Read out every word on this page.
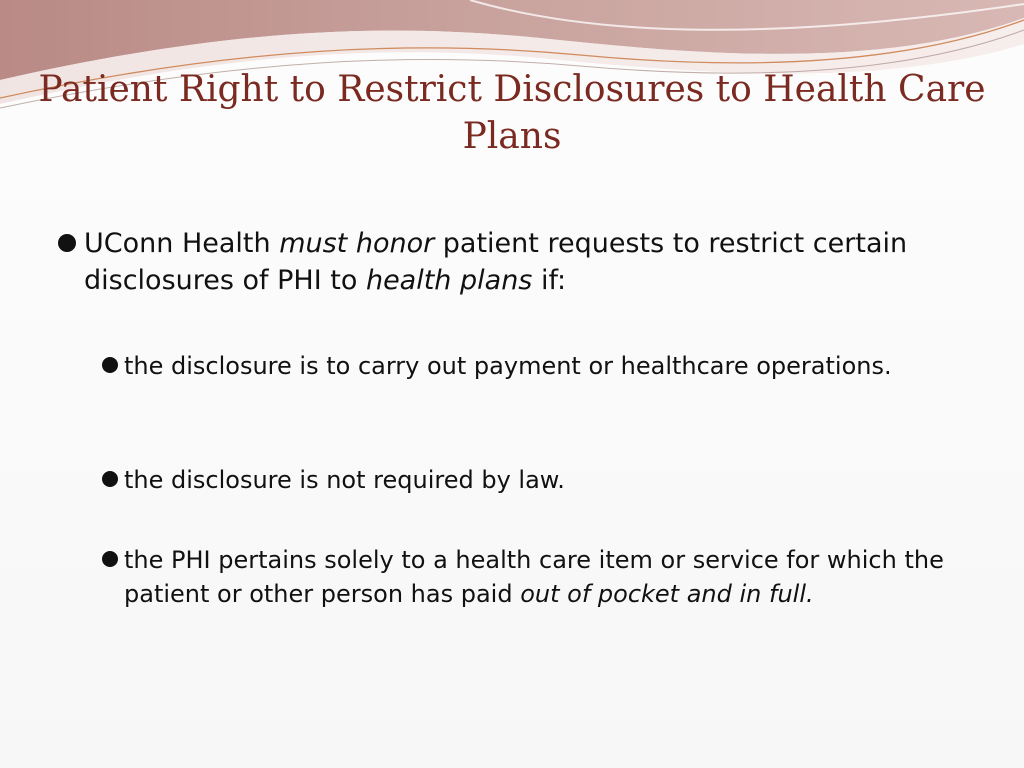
Patient Right to Restrict Disclosures to Health Care Plans
UConn Health must honor patient requests to restrict certain disclosures of PHI to health plans if:
the disclosure is to carry out payment or healthcare operations.
the disclosure is not required by law.
the PHI pertains solely to a health care item or service for which the patient or other person has paid out of pocket and in full.
